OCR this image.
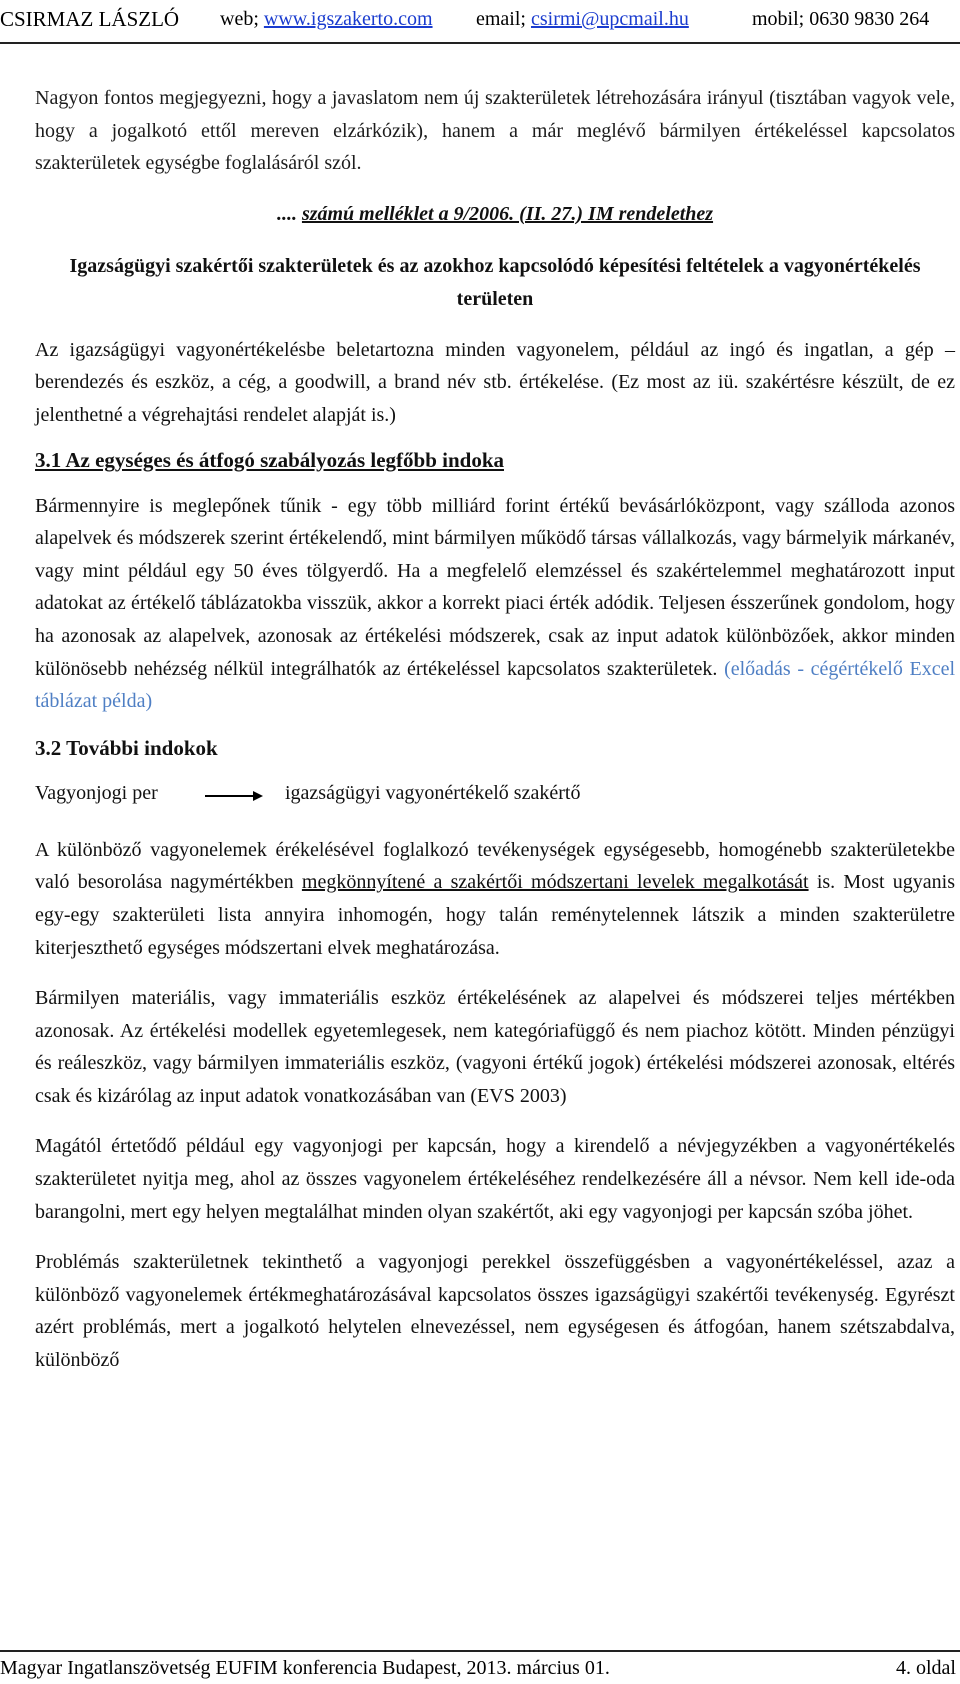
CSIRMAZ LÁSZLÓ web; www.igszakerto.com email; csirmi@upcmail.hu	mobil; 0630 9830 264

Nagyon fontos megjegyezni, hogy a javaslatom nem új szakterületek létrehozására irányul (tisztában vagyok vele, hogy a jogalkotó ettől mereven elzárkózik), hanem a már meglévő bármilyen értékeléssel kapcsolatos szakterületek egységbe foglalásáról szól.

.... számú melléklet a 9/2006. (II. 27.) IM rendelethez
Igazságügyi szakértői szakterületek és az azokhoz kapcsolódó képesítési feltételek a vagyonértékelés területen

Az igazságügyi vagyonértékelésbe beletartozna minden vagyonelem, például az ingó és ingatlan, a gép – berendezés és eszköz, a cég, a goodwill, a brand név stb. értékelése. (Ez most az iü. szakértésre készült, de ez jelenthetné a végrehajtási rendelet alapját is.)

3.1 Az egységes és átfogó szabályozás legfőbb indoka

Bármennyire is meglepőnek tűnik - egy több milliárd forint értékű bevásárlóközpont, vagy szálloda azonos alapelvek és módszerek szerint értékelendő, mint bármilyen működő társas vállalkozás, vagy bármelyik márkanév, vagy mint például egy 50 éves tölgyerdő. Ha a megfelelő elemzéssel és szakértelemmel meghatározott input adatokat az értékelő táblázatokba visszük, akkor a korrekt piaci érték adódik. Teljesen ésszerűnek gondolom, hogy ha azonosak az alapelvek, azonosak az értékelési módszerek, csak az input adatok különbözőek, akkor minden különösebb nehézség nélkül integrálhatók az értékeléssel kapcsolatos szakterületek. (előadás - cégértékelő Excel táblázat példa)

3.2 További indokok
Vagyonjogi per	igazságügyi vagyonértékelő szakértő

A különböző vagyonelemek érékelésével foglalkozó tevékenységek egységesebb, homogénebb szakterületekbe való besorolása nagymértékben megkönnyítené a szakértői módszertani levelek megalkotását is. Most ugyanis egy-egy szakterületi lista annyira inhomogén, hogy talán reménytelennek látszik a minden szakterületre kiterjeszthető egységes módszertani elvek meghatározása.

Bármilyen materiális, vagy immateriális eszköz értékelésének az alapelvei és módszerei teljes mértékben azonosak. Az értékelési modellek egyetemlegesek, nem kategóriafüggő és nem piachoz kötött. Minden pénzügyi és reáleszköz, vagy bármilyen immateriális eszköz, (vagyoni értékű jogok) értékelési módszerei azonosak, eltérés csak és kizárólag az input adatok vonatkozásában van (EVS 2003)

Magától értetődő például egy vagyonjogi per kapcsán, hogy a kirendelő a névjegyzékben a vagyonértékelés szakterületet nyitja meg, ahol az összes vagyonelem értékeléséhez rendelkezésére áll a névsor. Nem kell ide-oda barangolni, mert egy helyen megtalálhat minden olyan szakértőt, aki egy vagyonjogi per kapcsán szóba jöhet.

Problémás szakterületnek tekinthető a vagyonjogi perekkel összefüggésben a vagyonértékeléssel, azaz a különböző vagyonelemek értékmeghatározásával kapcsolatos összes igazságügyi szakértői tevékenység. Egyrészt azért problémás, mert a jogalkotó helytelen elnevezéssel, nem egységesen és átfogóan, hanem szétszabdalva, különböző

Magyar Ingatlanszövetség EUFIM konferencia Budapest, 2013. március 01.	4. oldal
